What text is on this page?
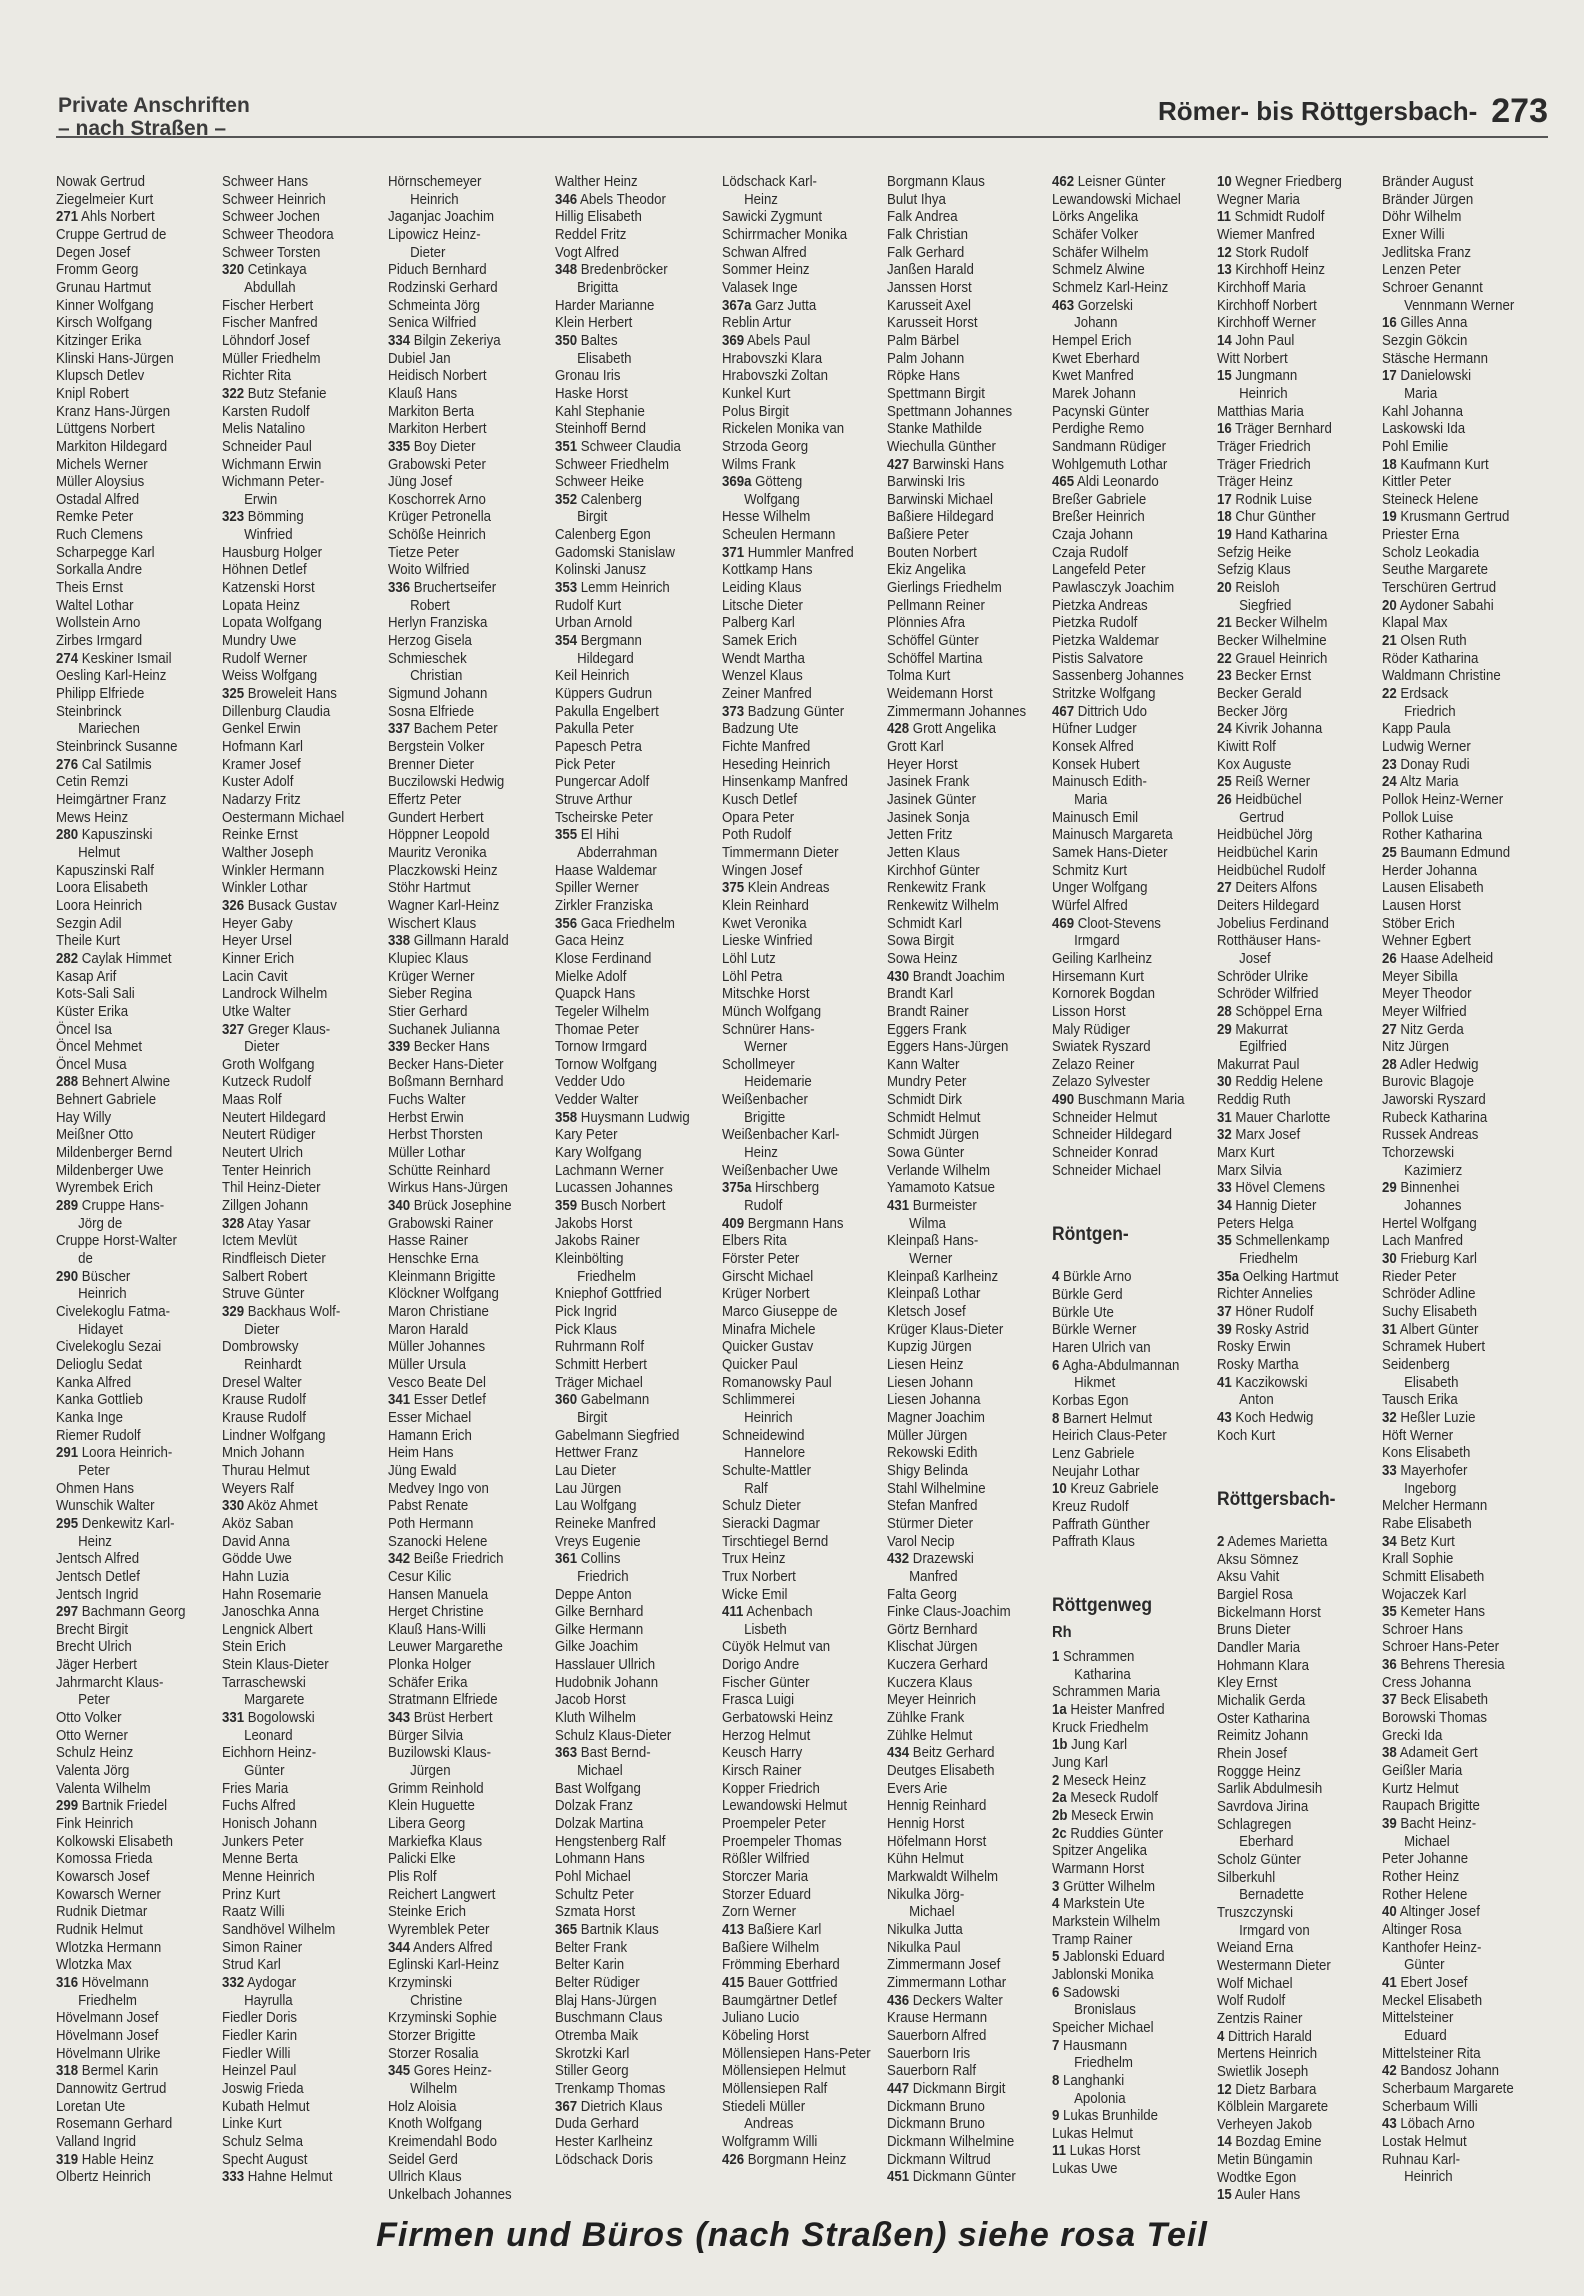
Private Anschriften
– nach Straßen –
Römer- bis Röttgersbach- 273
Nowak Gertrud
Ziegelmeier Kurt
271 Ahls Norbert
Cruppe Gertrud de
Degen Josef
Fromm Georg
Grunau Hartmut
Kinner Wolfgang
Kirsch Wolfgang
Kitzinger Erika
Klinski Hans-Jürgen
Klupsch Detlev
Knipl Robert
Kranz Hans-Jürgen
Lüttgens Norbert
Markiton Hildegard
Michels Werner
Müller Aloysius
Ostadal Alfred
Remke Peter
Ruch Clemens
Scharpegge Karl
Sorkalla Andre
Theis Ernst
Waltel Lothar
Wollstein Arno
Zirbes Irmgard
274 Keskiner Ismail
Oesling Karl-Heinz
Philipp Elfriede
Steinbrinck
Mariechen
Steinbrinck Susanne
276 Cal Satilmis
Cetin Remzi
Heimgärtner Franz
Mews Heinz
280 Kapuszinski
Helmut
Kapuszinski Ralf
Loora Elisabeth
Loora Heinrich
Sezgin Adil
Theile Kurt
282 Caylak Himmet
Kasap Arif
Kots-Sali Sali
Küster Erika
Öncel Isa
Öncel Mehmet
Öncel Musa
288 Behnert Alwine
Behnert Gabriele
Hay Willy
Meißner Otto
Mildenberger Bernd
Mildenberger Uwe
Wyrembek Erich
289 Cruppe Hans-
Jörg de
Cruppe Horst-Walter
de
290 Büscher
Heinrich
Civelekoglu Fatma-
Hidayet
Civelekoglu Sezai
Delioglu Sedat
Kanka Alfred
Kanka Gottlieb
Kanka Inge
Riemer Rudolf
291 Loora Heinrich-
Peter
Ohmen Hans
Wunschik Walter
295 Denkewitz Karl-
Heinz
Jentsch Alfred
Jentsch Detlef
Jentsch Ingrid
297 Bachmann Georg
Brecht Birgit
Brecht Ulrich
Jäger Herbert
Jahrmarcht Klaus-
Peter
Otto Volker
Otto Werner
Schulz Heinz
Valenta Jörg
Valenta Wilhelm
299 Bartnik Friedel
Fink Heinrich
Kolkowski Elisabeth
Komossa Frieda
Kowarsch Josef
Kowarsch Werner
Rudnik Dietmar
Rudnik Helmut
Wlotzka Hermann
Wlotzka Max
316 Hövelmann
Friedhelm
Hövelmann Josef
Hövelmann Josef
Hövelmann Ulrike
318 Bermel Karin
Dannowitz Gertrud
Loretan Ute
Rosemann Gerhard
Valland Ingrid
319 Hable Heinz
Olbertz Heinrich
Schweer Hans
Schweer Heinrich
Schweer Jochen
Schweer Theodora
Schweer Torsten
320 Cetinkaya
Abdullah
Fischer Herbert
Fischer Manfred
Löhndorf Josef
Müller Friedhelm
Richter Rita
322 Butz Stefanie
Karsten Rudolf
Melis Natalino
Schneider Paul
Wichmann Erwin
Wichmann Peter-
Erwin
323 Bömming
Winfried
Hausburg Holger
Höhnen Detlef
Katzenski Horst
Lopata Heinz
Lopata Wolfgang
Mundry Uwe
Rudolf Werner
Weiss Wolfgang
325 Broweleit Hans
Dillenburg Claudia
Genkel Erwin
Hofmann Karl
Kramer Josef
Kuster Adolf
Nadarzy Fritz
Oestermann Michael
Reinke Ernst
Walther Joseph
Winkler Hermann
Winkler Lothar
326 Busack Gustav
Heyer Gaby
Heyer Ursel
Kinner Erich
Lacin Cavit
Landrock Wilhelm
Utke Walter
327 Greger Klaus-
Dieter
Groth Wolfgang
Kutzeck Rudolf
Maas Rolf
Neutert Hildegard
Neutert Rüdiger
Neutert Ulrich
Tenter Heinrich
Thil Heinz-Dieter
Zillgen Johann
328 Atay Yasar
Ictem Mevlüt
Rindfleisch Dieter
Salbert Robert
Struve Günter
329 Backhaus Wolf-
Dieter
Dombrowsky
Reinhardt
Dresel Walter
Krause Rudolf
Krause Rudolf
Lindner Wolfgang
Mnich Johann
Thurau Helmut
Weyers Ralf
330 Aköz Ahmet
Aköz Saban
David Anna
Gödde Uwe
Hahn Luzia
Hahn Rosemarie
Janoschka Anna
Lengnick Albert
Stein Erich
Stein Klaus-Dieter
Tarraschewski
Margarete
331 Bogolowski
Leonard
Eichhorn Heinz-
Günter
Fries Maria
Fuchs Alfred
Honisch Johann
Junkers Peter
Menne Berta
Menne Heinrich
Prinz Kurt
Raatz Willi
Sandhövel Wilhelm
Simon Rainer
Strud Karl
332 Aydogar
Hayrulla
Fiedler Doris
Fiedler Karin
Fiedler Willi
Heinzel Paul
Joswig Frieda
Kubath Helmut
Linke Kurt
Schulz Selma
Specht August
333 Hahne Helmut
Hörnschemeyer
Heinrich
Jaganjac Joachim
Lipowicz Heinz-
Dieter
Piduch Bernhard
Rodzinski Gerhard
Schmeinta Jörg
Senica Wilfried
334 Bilgin Zekeriya
Dubiel Jan
Heidisch Norbert
Klauß Hans
Markiton Berta
Markiton Herbert
335 Boy Dieter
Grabowski Peter
Jüng Josef
Koschorrek Arno
Krüger Petronella
Schöße Heinrich
Tietze Peter
Woito Wilfried
336 Bruchertseifer
Robert
Herlyn Franziska
Herzog Gisela
Schmieschek
Christian
Sigmund Johann
Sosna Elfriede
337 Bachem Peter
Bergstein Volker
Brenner Dieter
Buczilowski Hedwig
Effertz Peter
Gundert Herbert
Höppner Leopold
Mauritz Veronika
Placzkowski Heinz
Stöhr Hartmut
Wagner Karl-Heinz
Wischert Klaus
338 Gillmann Harald
Klupiec Klaus
Krüger Werner
Sieber Regina
Stier Gerhard
Suchanek Julianna
339 Becker Hans
Becker Hans-Dieter
Boßmann Bernhard
Fuchs Walter
Herbst Erwin
Herbst Thorsten
Müller Lothar
Schütte Reinhard
Wirkus Hans-Jürgen
340 Brück Josephine
Grabowski Rainer
Hasse Rainer
Henschke Erna
Kleinmann Brigitte
Klöckner Wolfgang
Maron Christiane
Maron Harald
Müller Johannes
Müller Ursula
Vesco Beate Del
341 Esser Detlef
Esser Michael
Hamann Erich
Heim Hans
Jüng Ewald
Medvey Ingo von
Pabst Renate
Poth Hermann
Szanocki Helene
342 Beiße Friedrich
Cesur Kilic
Hansen Manuela
Herget Christine
Klauß Hans-Willi
Leuwer Margarethe
Plonka Holger
Schäfer Erika
Stratmann Elfriede
343 Brüst Herbert
Bürger Silvia
Buzilowski Klaus-
Jürgen
Grimm Reinhold
Klein Huguette
Libera Georg
Markiefka Klaus
Palicki Elke
Plis Rolf
Reichert Langwert
Steinke Erich
Wyremblek Peter
344 Anders Alfred
Eglinski Karl-Heinz
Krzyminski
Christine
Krzyminski Sophie
Storzer Brigitte
Storzer Rosalia
345 Gores Heinz-
Wilhelm
Holz Aloisia
Knoth Wolfgang
Kreimendahl Bodo
Seidel Gerd
Ullrich Klaus
Unkelbach Johannes
Walther Heinz
346 Abels Theodor
Hillig Elisabeth
Reddel Fritz
Vogt Alfred
348 Bredenbröcker
Brigitta
Harder Marianne
Klein Herbert
350 Baltes
Elisabeth
Gronau Iris
Haske Horst
Kahl Stephanie
Steinhoff Bernd
351 Schweer Claudia
Schweer Friedhelm
Schweer Heike
352 Calenberg
Birgit
Calenberg Egon
Gadomski Stanislaw
Kolinski Janusz
353 Lemm Heinrich
Rudolf Kurt
Urban Arnold
354 Bergmann
Hildegard
Keil Heinrich
Küppers Gudrun
Pakulla Engelbert
Pakulla Peter
Papesch Petra
Pick Peter
Pungercar Adolf
Struve Arthur
Tscheirske Peter
355 El Hihi
Abderrahman
Haase Waldemar
Spiller Werner
Zirkler Franziska
356 Gaca Friedhelm
Gaca Heinz
Klose Ferdinand
Mielke Adolf
Quapck Hans
Tegeler Wilhelm
Thomae Peter
Tornow Irmgard
Tornow Wolfgang
Vedder Udo
Vedder Walter
358 Huysmann Ludwig
Kary Peter
Kary Wolfgang
Lachmann Werner
Lucassen Johannes
359 Busch Norbert
Jakobs Horst
Jakobs Rainer
Kleinbölting
Friedhelm
Kniephof Gottfried
Pick Ingrid
Pick Klaus
Ruhrmann Rolf
Schmitt Herbert
Träger Michael
360 Gabelmann
Birgit
Gabelmann Siegfried
Hettwer Franz
Lau Dieter
Lau Jürgen
Lau Wolfgang
Reineke Manfred
Vreys Eugenie
361 Collins
Friedrich
Deppe Anton
Gilke Bernhard
Gilke Hermann
Gilke Joachim
Hasslauer Ullrich
Hudobnik Johann
Jacob Horst
Kluth Wilhelm
Schulz Klaus-Dieter
363 Bast Bernd-
Michael
Bast Wolfgang
Dolzak Franz
Dolzak Martina
Hengstenberg Ralf
Lohmann Hans
Pohl Michael
Schultz Peter
Szmata Horst
365 Bartnik Klaus
Belter Frank
Belter Karin
Belter Rüdiger
Blaj Hans-Jürgen
Buschmann Claus
Otremba Maik
Skrotzki Karl
Stiller Georg
Trenkamp Thomas
367 Dietrich Klaus
Duda Gerhard
Hester Karlheinz
Lödschack Doris
Lödschack Karl-
Heinz
Sawicki Zygmunt
Schirrmacher Monika
Schwan Alfred
Sommer Heinz
Valasek Inge
367a Garz Jutta
Reblin Artur
369 Abels Paul
Hrabovszki Klara
Hrabovszki Zoltan
Kunkel Kurt
Polus Birgit
Rickelen Monika van
Strzoda Georg
Wilms Frank
369a Götteng
Wolfgang
Hesse Wilhelm
Scheulen Hermann
371 Hummler Manfred
Kottkamp Hans
Leiding Klaus
Litsche Dieter
Palberg Karl
Samek Erich
Wendt Martha
Wenzel Klaus
Zeiner Manfred
373 Badzung Günter
Badzung Ute
Fichte Manfred
Heseding Heinrich
Hinsenkamp Manfred
Kusch Detlef
Opara Peter
Poth Rudolf
Timmermann Dieter
Wingen Josef
375 Klein Andreas
Klein Reinhard
Kwet Veronika
Lieske Winfried
Löhl Lutz
Löhl Petra
Mitschke Horst
Münch Wolfgang
Schnürer Hans-
Werner
Schollmeyer
Heidemarie
Weißenbacher
Brigitte
Weißenbacher Karl-
Heinz
Weißenbacher Uwe
375a Hirschberg
Rudolf
409 Bergmann Hans
Elbers Rita
Förster Peter
Girscht Michael
Krüger Norbert
Marco Giuseppe de
Minafra Michele
Quicker Gustav
Quicker Paul
Romanowsky Paul
Schlimmerei
Heinrich
Schneidewind
Hannelore
Schulte-Mattler
Ralf
Schulz Dieter
Sieracki Dagmar
Tirschtiegel Bernd
Trux Heinz
Trux Norbert
Wicke Emil
411 Achenbach
Lisbeth
Cüyök Helmut van
Dorigo Andre
Fischer Günter
Frasca Luigi
Gerbatowski Heinz
Herzog Helmut
Keusch Harry
Kirsch Rainer
Kopper Friedrich
Lewandowski Helmut
Proempeler Peter
Proempeler Thomas
Rößler Wilfried
Storczer Maria
Storzer Eduard
Zorn Werner
413 Baßiere Karl
Baßiere Wilhelm
Frömming Eberhard
415 Bauer Gottfried
Baumgärtner Detlef
Juliano Lucio
Köbeling Horst
Möllensiepen Hans-Peter
Möllensiepen Helmut
Möllensiepen Ralf
Stiedeli Müller
Andreas
Wolfgramm Willi
426 Borgmann Heinz
Borgmann Klaus
Bulut Ihya
Falk Andrea
Falk Christian
Falk Gerhard
Janßen Harald
Janssen Horst
Karusseit Axel
Karusseit Horst
Palm Bärbel
Palm Johann
Röpke Hans
Spettmann Birgit
Spettmann Johannes
Stanke Mathilde
Wiechulla Günther
427 Barwinski Hans
Barwinski Iris
Barwinski Michael
Baßiere Hildegard
Baßiere Peter
Bouten Norbert
Ekiz Angelika
Gierlings Friedhelm
Pellmann Reiner
Plönnies Afra
Schöffel Günter
Schöffel Martina
Tolma Kurt
Weidemann Horst
Zimmermann Johannes
428 Grott Angelika
Grott Karl
Heyer Horst
Jasinek Frank
Jasinek Günter
Jasinek Sonja
Jetten Fritz
Jetten Klaus
Kirchhof Günter
Renkewitz Frank
Renkewitz Wilhelm
Schmidt Karl
Sowa Birgit
Sowa Heinz
430 Brandt Joachim
Brandt Karl
Brandt Rainer
Eggers Frank
Eggers Hans-Jürgen
Kann Walter
Mundry Peter
Schmidt Dirk
Schmidt Helmut
Schmidt Jürgen
Sowa Günter
Verlande Wilhelm
Yamamoto Katsue
431 Burmeister
Wilma
Kleinpaß Hans-
Werner
Kleinpaß Karlheinz
Kleinpaß Lothar
Kletsch Josef
Krüger Klaus-Dieter
Kupzig Jürgen
Liesen Heinz
Liesen Johann
Liesen Johanna
Magner Joachim
Müller Jürgen
Rekowski Edith
Shigy Belinda
Stahl Wilhelmine
Stefan Manfred
Stürmer Dieter
Varol Necip
432 Drazewski
Manfred
Falta Georg
Finke Claus-Joachim
Görtz Bernhard
Klischat Jürgen
Kuczera Gerhard
Kuczera Klaus
Meyer Heinrich
Zühlke Frank
Zühlke Helmut
434 Beitz Gerhard
Deutges Elisabeth
Evers Arie
Hennig Reinhard
Hennig Horst
Höfelmann Horst
Kühn Helmut
Markwaldt Wilhelm
Nikulka Jörg-
Michael
Nikulka Jutta
Nikulka Paul
Zimmermann Josef
Zimmermann Lothar
436 Deckers Walter
Krause Hermann
Sauerborn Alfred
Sauerborn Iris
Sauerborn Ralf
447 Dickmann Birgit
Dickmann Bruno
Dickmann Bruno
Dickmann Wilhelmine
Dickmann Wiltrud
451 Dickmann Günter
462 Leisner Günter
Lewandowski Michael
Lörks Angelika
Schäfer Volker
Schäfer Wilhelm
Schmelz Alwine
Schmelz Karl-Heinz
463 Gorzelski
Johann
Hempel Erich
Kwet Eberhard
Kwet Manfred
Marek Johann
Pacynski Günter
Perdighe Remo
Sandmann Rüdiger
Wohlgemuth Lothar
465 Aldi Leonardo
Breßer Gabriele
Breßer Heinrich
Czaja Johann
Czaja Rudolf
Langefeld Peter
Pawlasczyk Joachim
Pietzka Andreas
Pietzka Rudolf
Pietzka Waldemar
Pistis Salvatore
Sassenberg Johannes
Stritzke Wolfgang
467 Dittrich Udo
Hüfner Ludger
Konsek Alfred
Konsek Hubert
Mainusch Edith-
Maria
Mainusch Emil
Mainusch Margareta
Samek Hans-Dieter
Schmitz Kurt
Unger Wolfgang
Würfel Alfred
469 Cloot-Stevens
Irmgard
Geiling Karlheinz
Hirsemann Kurt
Kornorek Bogdan
Lisson Horst
Maly Rüdiger
Swiatek Ryszard
Zelazo Reiner
Zelazo Sylvester
490 Buschmann Maria
Schneider Helmut
Schneider Hildegard
Schneider Konrad
Schneider Michael
Röntgen-
4 Bürkle Arno
Bürkle Gerd
Bürkle Ute
Bürkle Werner
Haren Ulrich van
6 Agha-Abdulmannan
Hikmet
Korbas Egon
8 Barnert Helmut
Heirich Claus-Peter
Lenz Gabriele
Neujahr Lothar
10 Kreuz Gabriele
Kreuz Rudolf
Paffrath Günther
Paffrath Klaus
Röttgenweg
Rh
1 Schrammen
Katharina
Schrammen Maria
1a Heister Manfred
Kruck Friedhelm
1b Jung Karl
Jung Karl
2 Meseck Heinz
2a Meseck Rudolf
2b Meseck Erwin
2c Ruddies Günter
Spitzer Angelika
Warmann Horst
3 Grütter Wilhelm
4 Markstein Ute
Markstein Wilhelm
Tramp Rainer
5 Jablonski Eduard
Jablonski Monika
6 Sadowski
Bronislaus
Speicher Michael
7 Hausmann
Friedhelm
8 Langhanki
Apolonia
9 Lukas Brunhilde
Lukas Helmut
11 Lukas Horst
Lukas Uwe
10 Wegner Friedberg
Wegner Maria
11 Schmidt Rudolf
Wiemer Manfred
12 Stork Rudolf
13 Kirchhoff Heinz
Kirchhoff Maria
Kirchhoff Norbert
Kirchhoff Werner
14 John Paul
Witt Norbert
15 Jungmann
Heinrich
Matthias Maria
16 Träger Bernhard
Träger Friedrich
Träger Friedrich
Träger Heinz
17 Rodnik Luise
18 Chur Günther
19 Hand Katharina
Sefzig Heike
Sefzig Klaus
20 Reisloh
Siegfried
21 Becker Wilhelm
Becker Wilhelmine
22 Grauel Heinrich
23 Becker Ernst
Becker Gerald
Becker Jörg
24 Kivrik Johanna
Kiwitt Rolf
Kox Auguste
25 Reiß Werner
26 Heidbüchel
Gertrud
Heidbüchel Jörg
Heidbüchel Karin
Heidbüchel Rudolf
27 Deiters Alfons
Deiters Hildegard
Jobelius Ferdinand
Rotthäuser Hans-
Josef
Schröder Ulrike
Schröder Wilfried
28 Schöppel Erna
29 Makurrat
Egilfried
Makurrat Paul
30 Reddig Helene
Reddig Ruth
31 Mauer Charlotte
32 Marx Josef
Marx Kurt
Marx Silvia
33 Hövel Clemens
34 Hannig Dieter
Peters Helga
35 Schmellenkamp
Friedhelm
35a Oelking Hartmut
Richter Annelies
37 Höner Rudolf
39 Rosky Astrid
Rosky Erwin
Rosky Martha
41 Kaczikowski
Anton
43 Koch Hedwig
Koch Kurt
Röttgersbach-
2 Ademes Marietta
Aksu Sömnez
Aksu Vahit
Bargiel Rosa
Bickelmann Horst
Bruns Dieter
Dandler Maria
Hohmann Klara
Kley Ernst
Michalik Gerda
Oster Katharina
Reimitz Johann
Rhein Josef
Roggge Heinz
Sarlik Abdulmesih
Savrdova Jirina
Schlagregen
Eberhard
Scholz Günter
Silberkuhl
Bernadette
Truszczynski
Irmgard von
Weiand Erna
Westermann Dieter
Wolf Michael
Wolf Rudolf
Zentzis Rainer
4 Dittrich Harald
Mertens Heinrich
Swietlik Joseph
12 Dietz Barbara
Kölblein Margarete
Verheyen Jakob
14 Bozdag Emine
Metin Büngamin
Wodtke Egon
15 Auler Hans
Bränder August
Bränder Jürgen
Döhr Wilhelm
Exner Willi
Jedlitska Franz
Lenzen Peter
Schroer Genannt
Vennmann Werner
16 Gilles Anna
Sezgin Gökcin
Stäsche Hermann
17 Danielowski
Maria
Kahl Johanna
Laskowski Ida
Pohl Emilie
18 Kaufmann Kurt
Kittler Peter
Steineck Helene
19 Krusmann Gertrud
Priester Erna
Scholz Leokadia
Seuthe Margarete
Terschüren Gertrud
20 Aydoner Sabahi
Klapal Max
21 Olsen Ruth
Röder Katharina
Waldmann Christine
22 Erdsack
Friedrich
Kapp Paula
Ludwig Werner
23 Donay Rudi
24 Altz Maria
Pollok Heinz-Werner
Pollok Luise
Rother Katharina
25 Baumann Edmund
Herder Johanna
Lausen Elisabeth
Lausen Horst
Stöber Erich
Wehner Egbert
26 Haase Adelheid
Meyer Sibilla
Meyer Theodor
Meyer Wilfried
27 Nitz Gerda
Nitz Jürgen
28 Adler Hedwig
Burovic Blagoje
Jaworski Ryszard
Rubeck Katharina
Russek Andreas
Tchorzewski
Kazimierz
29 Binnenhei
Johannes
Hertel Wolfgang
Lach Manfred
30 Frieburg Karl
Rieder Peter
Schröder Adline
Suchy Elisabeth
31 Albert Günter
Schramek Hubert
Seidenberg
Elisabeth
Tausch Erika
32 Heßler Luzie
Höft Werner
Kons Elisabeth
33 Mayerhofer
Ingeborg
Melcher Hermann
Rabe Elisabeth
34 Betz Kurt
Krall Sophie
Schmitt Elisabeth
Wojaczek Karl
35 Kemeter Hans
Schroer Hans
Schroer Hans-Peter
36 Behrens Theresia
Cress Johanna
37 Beck Elisabeth
Borowski Thomas
Grecki Ida
38 Adameit Gert
Geißler Maria
Kurtz Helmut
Raupach Brigitte
39 Bacht Heinz-
Michael
Peter Johanne
Rother Heinz
Rother Helene
40 Altinger Josef
Altinger Rosa
Kanthofer Heinz-
Günter
41 Ebert Josef
Meckel Elisabeth
Mittelsteiner
Eduard
Mittelsteiner Rita
42 Bandosz Johann
Scherbaum Margarete
Scherbaum Willi
43 Löbach Arno
Lostak Helmut
Ruhnau Karl-
Heinrich
Firmen und Büros (nach Straßen) siehe rosa Teil
